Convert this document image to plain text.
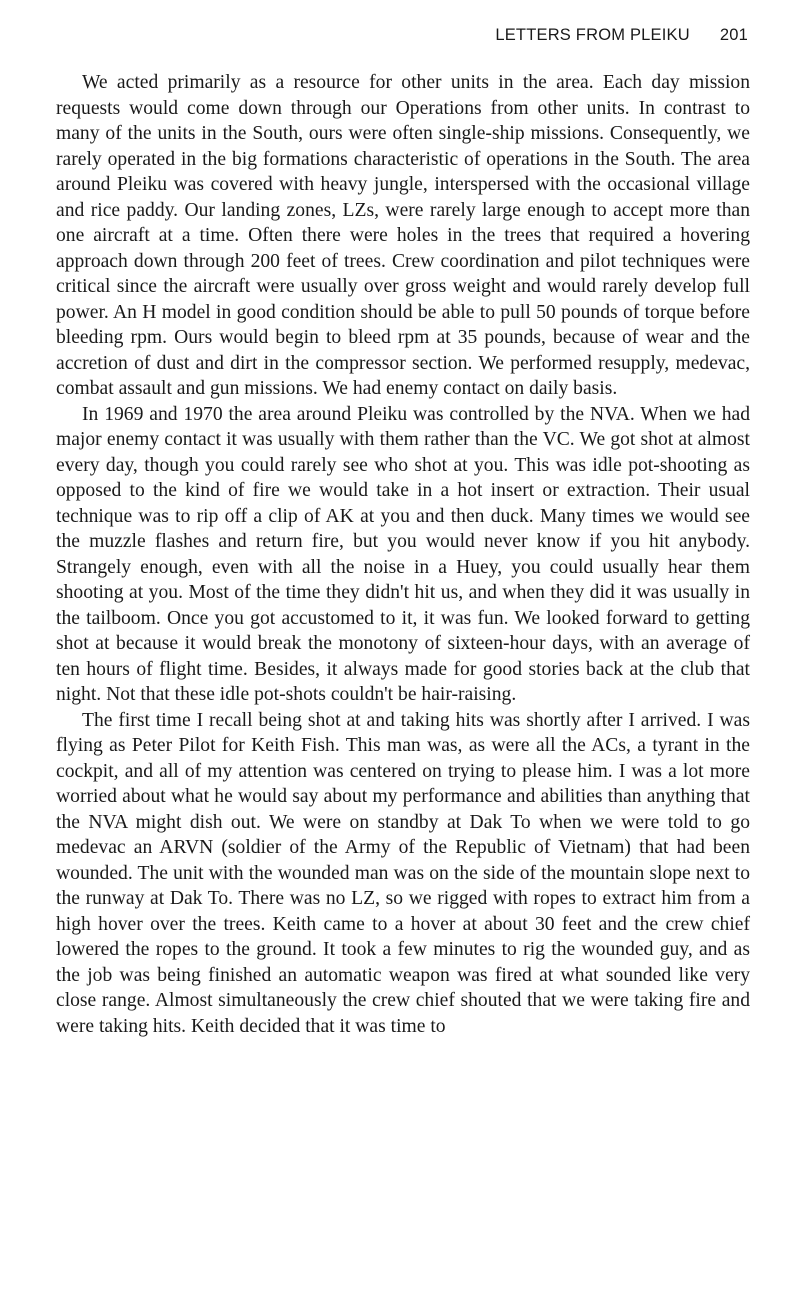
LETTERS FROM PLEIKU 201

We acted primarily as a resource for other units in the area. Each day mission requests would come down through our Operations from other units. In contrast to many of the units in the South, ours were often single-ship missions. Consequently, we rarely operated in the big formations characteristic of operations in the South. The area around Pleiku was covered with heavy jungle, interspersed with the occasional village and rice paddy. Our landing zones, LZs, were rarely large enough to accept more than one aircraft at a time. Often there were holes in the trees that required a hovering approach down through 200 feet of trees. Crew coordination and pilot techniques were critical since the aircraft were usually over gross weight and would rarely develop full power. An H model in good condition should be able to pull 50 pounds of torque before bleeding rpm. Ours would begin to bleed rpm at 35 pounds, because of wear and the accretion of dust and dirt in the compressor section. We performed resupply, medevac, combat assault and gun missions. We had enemy contact on daily basis.

In 1969 and 1970 the area around Pleiku was controlled by the NVA. When we had major enemy contact it was usually with them rather than the VC. We got shot at almost every day, though you could rarely see who shot at you. This was idle pot-shooting as opposed to the kind of fire we would take in a hot insert or extraction. Their usual technique was to rip off a clip of AK at you and then duck. Many times we would see the muzzle flashes and return fire, but you would never know if you hit anybody. Strangely enough, even with all the noise in a Huey, you could usually hear them shooting at you. Most of the time they didn't hit us, and when they did it was usually in the tailboom. Once you got accustomed to it, it was fun. We looked forward to getting shot at because it would break the monotony of sixteen-hour days, with an average of ten hours of flight time. Besides, it always made for good stories back at the club that night. Not that these idle pot-shots couldn't be hair-raising.

The first time I recall being shot at and taking hits was shortly after I arrived. I was flying as Peter Pilot for Keith Fish. This man was, as were all the ACs, a tyrant in the cockpit, and all of my attention was centered on trying to please him. I was a lot more worried about what he would say about my performance and abilities than anything that the NVA might dish out. We were on standby at Dak To when we were told to go medevac an ARVN (soldier of the Army of the Republic of Vietnam) that had been wounded. The unit with the wounded man was on the side of the mountain slope next to the runway at Dak To. There was no LZ, so we rigged with ropes to extract him from a high hover over the trees. Keith came to a hover at about 30 feet and the crew chief lowered the ropes to the ground. It took a few minutes to rig the wounded guy, and as the job was being finished an automatic weapon was fired at what sounded like very close range. Almost simultaneously the crew chief shouted that we were taking fire and were taking hits. Keith decided that it was time to
